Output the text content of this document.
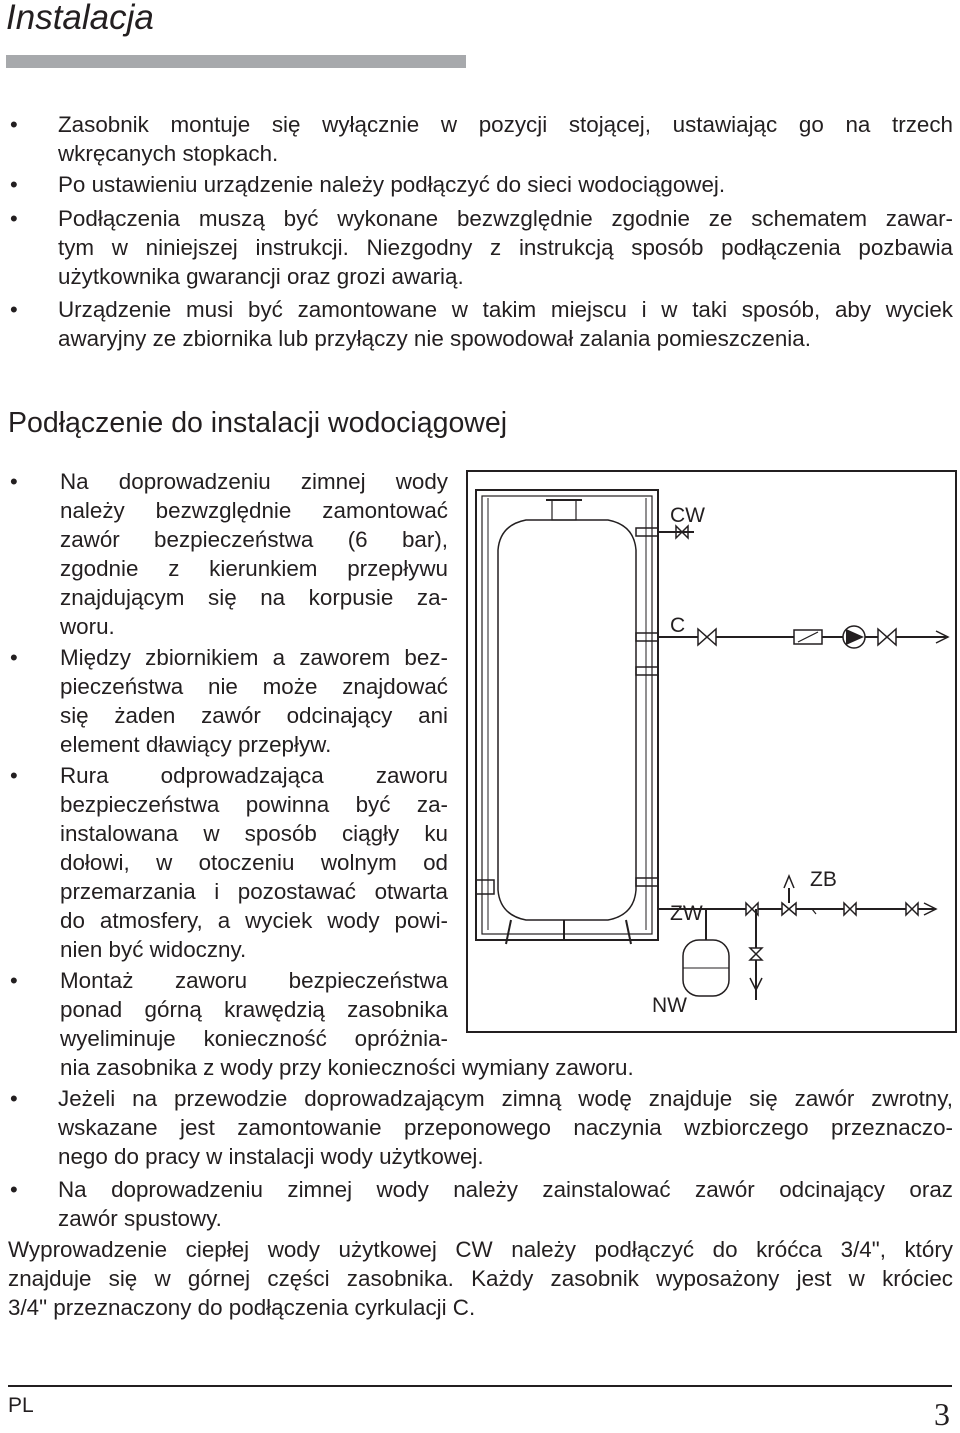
Instalacja
• Zasobnik montuje się wyłącznie w pozycji stojącej, ustawiając go na trzech
wkręcanych stopkach.
• Po ustawieniu urządzenie należy podłączyć do sieci wodociągowej.
• Podłączenia muszą być wykonane bezwzględnie zgodnie ze schematem zawar-
tym w niniejszej instrukcji. Niezgodny z instrukcją sposób podłączenia pozbawia
użytkownika gwarancji oraz grozi awarią.
• Urządzenie musi być zamontowane w takim miejscu i w taki sposób, aby wyciek
awaryjny ze zbiornika lub przyłączy nie spowodował zalania pomieszczenia.
Podłączenie do instalacji wodociągowej
• Na doprowadzeniu zimnej wody
należy bezwzględnie zamontować
zawór bezpieczeństwa (6 bar),
zgodnie z kierunkiem przepływu
znajdującym się na korpusie za-
woru.
• Między zbiornikiem a zaworem bez-
pieczeństwa nie może znajdować
się żaden zawór odcinający ani
element dławiący przepływ.
• Rura odprowadzająca zaworu
bezpieczeństwa powinna być za-
instalowana w sposób ciągły ku
dołowi, w otoczeniu wolnym od
przemarzania i pozostawać otwarta
do atmosfery, a wyciek wody powi-
nien być widoczny.
• Montaż zaworu bezpieczeństwa
ponad górną krawędzią zasobnika
wyeliminuje konieczność opróżnia-
nia zasobnika z wody przy konieczności wymiany zaworu.
• Jeżeli na przewodzie doprowadzającym zimną wodę znajduje się zawór zwrotny,
wskazane jest zamontowanie przeponowego naczynia wzbiorczego przeznaczo-
nego do pracy w instalacji wody użytkowej.
• Na doprowadzeniu zimnej wody należy zainstalować zawór odcinający oraz
zawór spustowy.
Wyprowadzenie ciepłej wody użytkowej CW należy podłączyć do króćca 3/4", który
znajduje się w górnej części zasobnika. Każdy zasobnik wyposażony jest w króciec
3/4" przeznaczony do podłączenia cyrkulacji C.
CW
C
ZB
ZW
NW
PL	3
